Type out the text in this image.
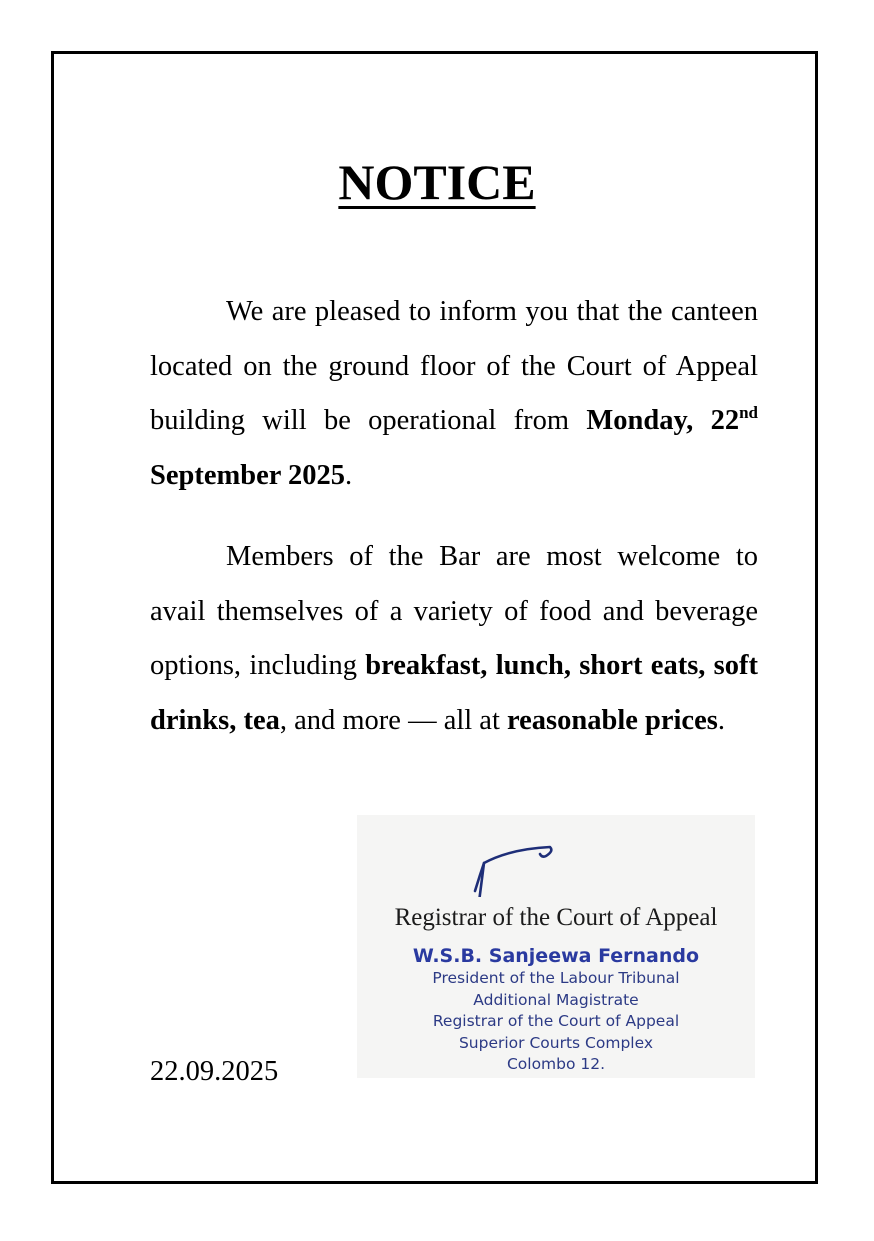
NOTICE

We are pleased to inform you that the canteen located on the ground floor of the Court of Appeal building will be operational from Monday, 22nd September 2025.

Members of the Bar are most welcome to avail themselves of a variety of food and beverage options, including breakfast, lunch, short eats, soft drinks, tea, and more — all at reasonable prices.

Registrar of the Court of Appeal
W.S.B. Sanjeewa Fernando
President of the Labour Tribunal
Additional Magistrate
Registrar of the Court of Appeal
Superior Courts Complex
Colombo 12.
22.09.2025
